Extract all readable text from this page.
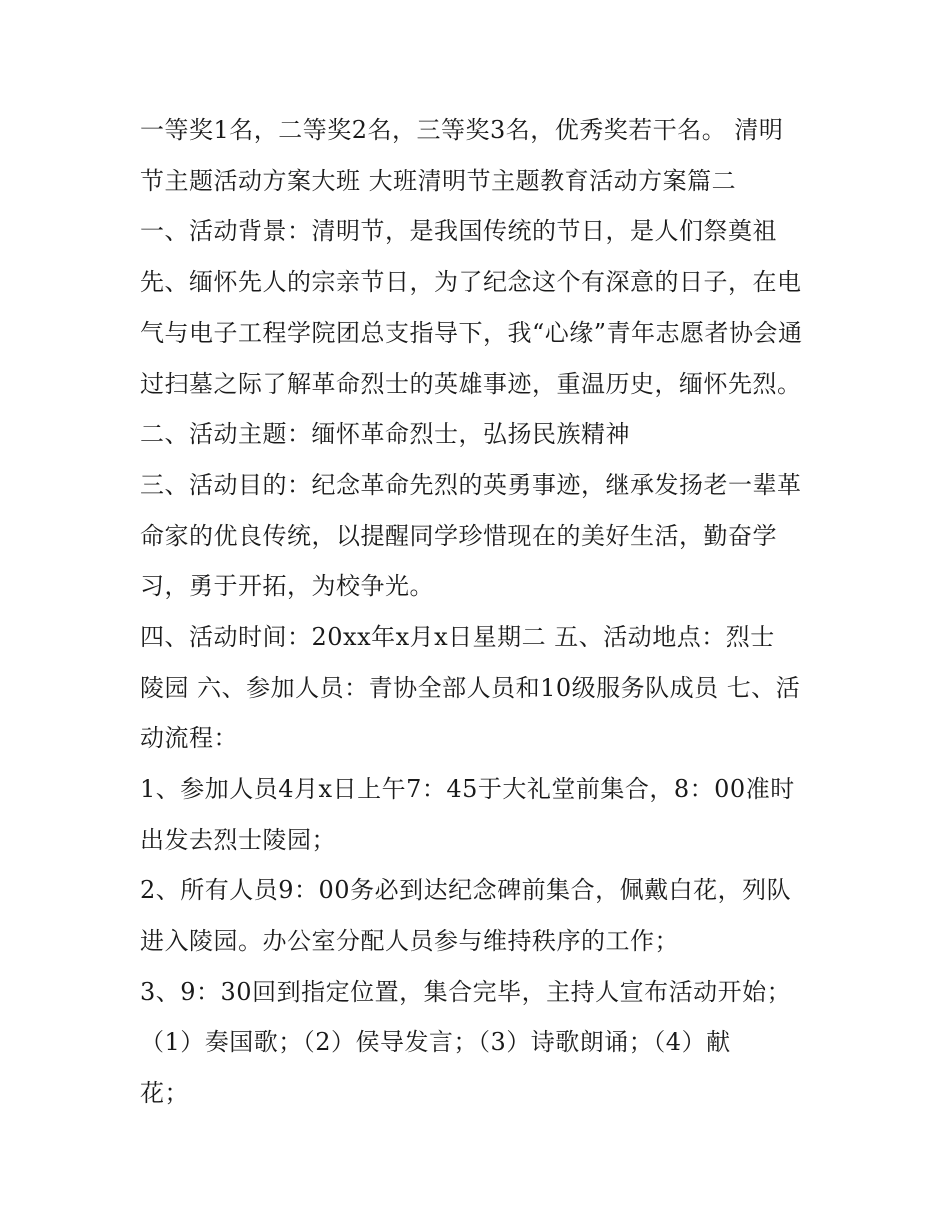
一等奖1名，二等奖2名，三等奖3名，优秀奖若干名。 清明
节主题活动方案大班 大班清明节主题教育活动方案篇二
一、活动背景：清明节，是我国传统的节日，是人们祭奠祖
先、缅怀先人的宗亲节日，为了纪念这个有深意的日子，在电
气与电子工程学院团总支指导下，我“心缘”青年志愿者协会通
过扫墓之际了解革命烈士的英雄事迹，重温历史，缅怀先烈。
二、活动主题：缅怀革命烈士，弘扬民族精神
三、活动目的：纪念革命先烈的英勇事迹，继承发扬老一辈革
命家的优良传统，以提醒同学珍惜现在的美好生活，勤奋学
习，勇于开拓，为校争光。
四、活动时间：20xx年x月x日星期二 五、活动地点：烈士
陵园 六、参加人员：青协全部人员和10级服务队成员 七、活
动流程：
1、参加人员4月x日上午7：45于大礼堂前集合，8：00准时
出发去烈士陵园；
2、所有人员9：00务必到达纪念碑前集合，佩戴白花，列队
进入陵园。办公室分配人员参与维持秩序的工作；
3、9：30回到指定位置，集合完毕，主持人宣布活动开始；
（1）奏国歌；（2）侯导发言；（3）诗歌朗诵；（4）献
花；
